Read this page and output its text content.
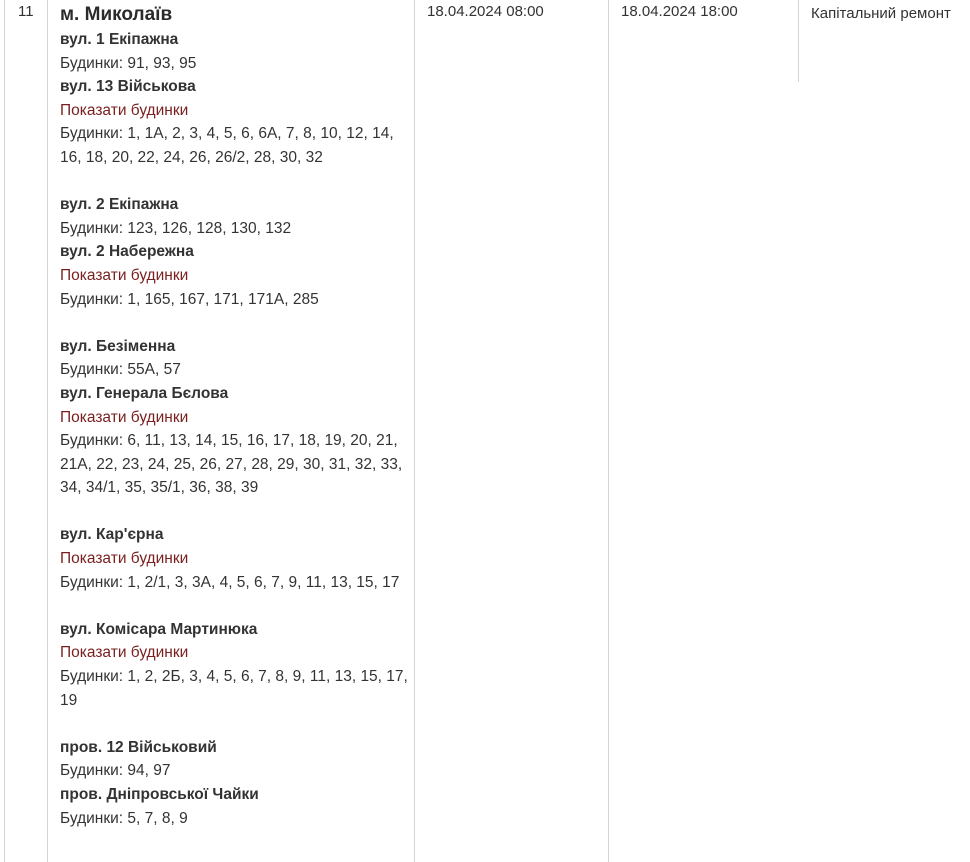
11 м. Миколаїв
вул. 1 Екіпажна
Будинки: 91, 93, 95
вул. 13 Військова
Показати будинки
Будинки: 1, 1А, 2, 3, 4, 5, 6, 6А, 7, 8, 10, 12, 14, 16, 18, 20, 22, 24, 26, 26/2, 28, 30, 32
вул. 2 Екіпажна
Будинки: 123, 126, 128, 130, 132
вул. 2 Набережна
Показати будинки
Будинки: 1, 165, 167, 171, 171А, 285
вул. Безіменна
Будинки: 55А, 57
вул. Генерала Бєлова
Показати будинки
Будинки: 6, 11, 13, 14, 15, 16, 17, 18, 19, 20, 21, 21А, 22, 23, 24, 25, 26, 27, 28, 29, 30, 31, 32, 33, 34, 34/1, 35, 35/1, 36, 38, 39
вул. Кар'єрна
Показати будинки
Будинки: 1, 2/1, 3, 3А, 4, 5, 6, 7, 9, 11, 13, 15, 17
вул. Комісара Мартинюка
Показати будинки
Будинки: 1, 2, 2Б, 3, 4, 5, 6, 7, 8, 9, 11, 13, 15, 17, 19
пров. 12 Військовий
Будинки: 94, 97
пров. Дніпровської Чайки
Будинки: 5, 7, 8, 9
18.04.2024 08:00	18.04.2024 18:00	Капітальний ремонт
